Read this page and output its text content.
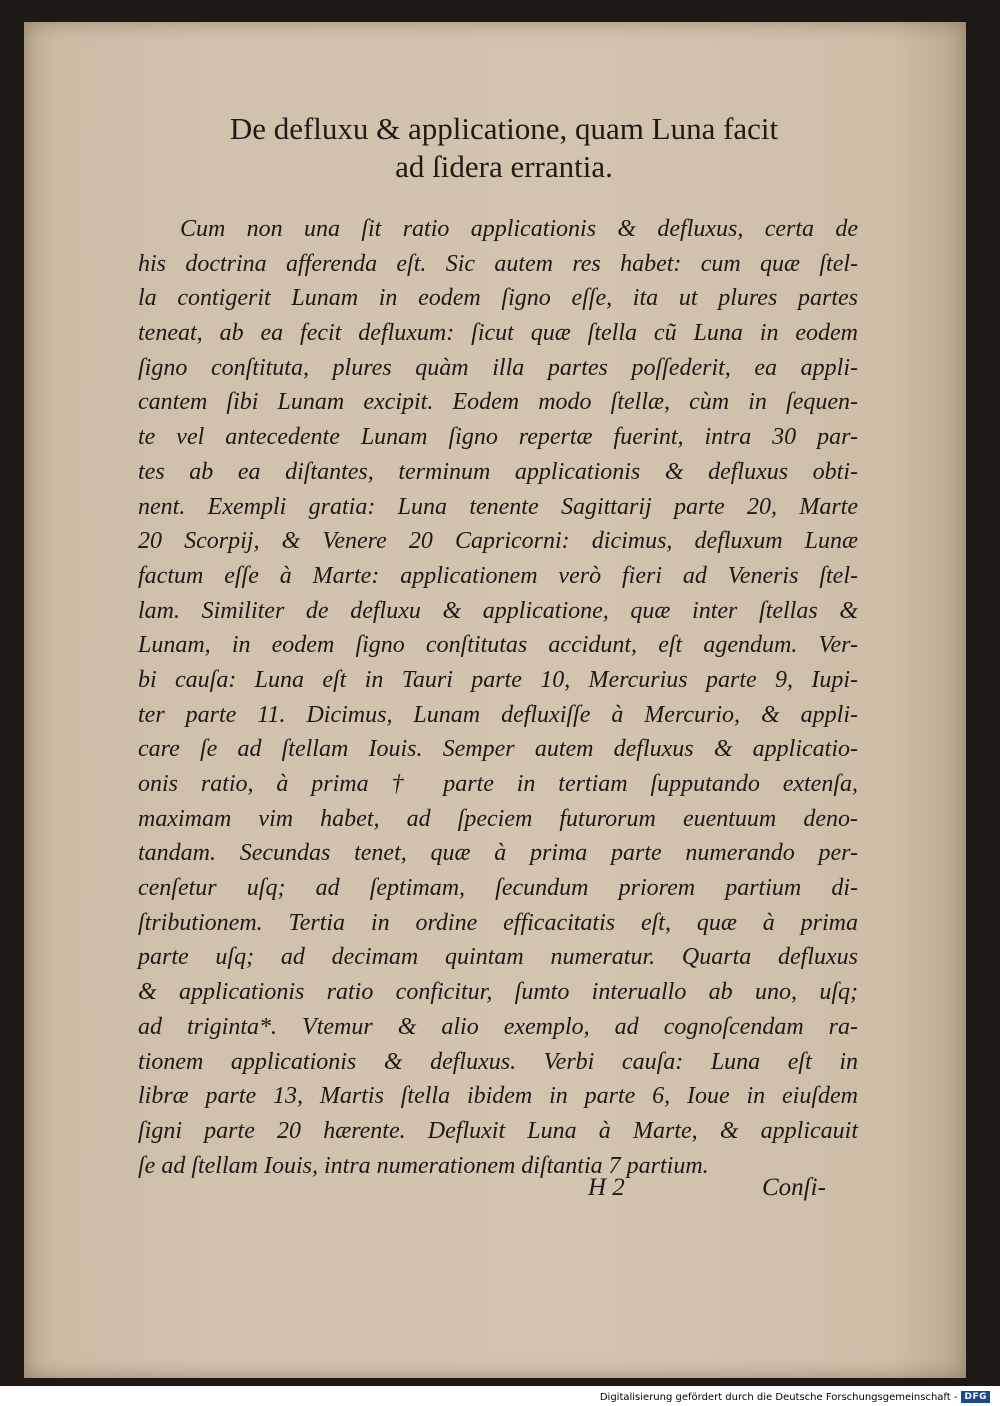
De defluxu & applicatione, quam Luna facit
ad ſidera errantia.
Cum non una ſit ratio applicationis & defluxus, certa de
his doctrina afferenda eſt. Sic autem res habet: cum quæ ſtel-
la contigerit Lunam in eodem ſigno eſſe, ita ut plures partes
teneat, ab ea fecit defluxum: ſicut quæ ſtella cũ Luna in eodem
ſigno conſtituta, plures quàm illa partes poſſederit, ea appli-
cantem ſibi Lunam excipit. Eodem modo ſtellæ, cùm in ſequen-
te vel antecedente Lunam ſigno repertæ fuerint, intra 30 par-
tes ab ea diſtantes, terminum applicationis & defluxus obti-
nent. Exempli gratia: Luna tenente Sagittarij parte 20, Marte
20 Scorpij, & Venere 20 Capricorni: dicimus, defluxum Lunæ
factum eſſe à Marte: applicationem verò fieri ad Veneris ſtel-
lam. Similiter de defluxu & applicatione, quæ inter ſtellas &
Lunam, in eodem ſigno conſtitutas accidunt, eſt agendum. Ver-
bi cauſa: Luna eſt in Tauri parte 10, Mercurius parte 9, Iupi-
ter parte 11. Dicimus, Lunam defluxiſſe à Mercurio, & appli-
care ſe ad ſtellam Iouis. Semper autem defluxus & applicatio-
onis ratio, à prima † parte in tertiam ſupputando extenſa,
maximam vim habet, ad ſpeciem futurorum euentuum deno-
tandam. Secundas tenet, quæ à prima parte numerando per-
cenſetur uſq; ad ſeptimam, ſecundum priorem partium di-
ſtributionem. Tertia in ordine efficacitatis eſt, quæ à prima
parte uſq; ad decimam quintam numeratur. Quarta defluxus
& applicationis ratio conficitur, ſumto interuallo ab uno, uſq;
ad triginta*. Vtemur & alio exemplo, ad cognoſcendam ra-
tionem applicationis & defluxus. Verbi cauſa: Luna eſt in
libræ parte 13, Martis ſtella ibidem in parte 6, Ioue in eiuſdem
ſigni parte 20 hærente. Defluxit Luna à Marte, & applicauit
ſe ad ſtellam Iouis, intra numerationem diſtantia 7 partium.
H 2	Conſi-
Digitalisierung gefördert durch die Deutsche Forschungsgemeinschaft - DFG
